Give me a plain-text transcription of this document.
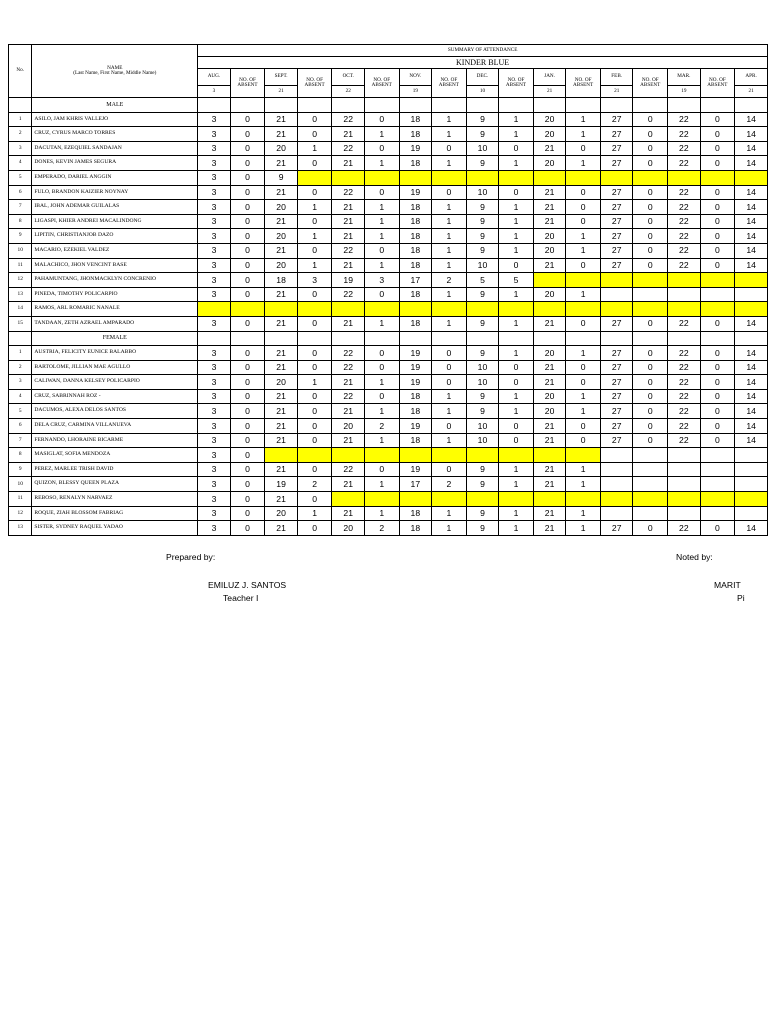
No.	NAME
(Last Name, First Name, Middle Name)	SUMMARY OF ATTENDANCE																
		KINDER BLUE																
		AUG.	NO. OF ABSENT	SEPT.	NO. OF ABSENT	OCT.	NO. OF ABSENT	NOV.	NO. OF ABSENT	DEC.	NO. OF ABSENT	JAN.	NO. OF ABSENT	FEB.	NO. OF ABSENT	MAR.	NO. OF ABSENT	APR.
		3		21		22		19		10		21		21		19		21
	MALE																	
1	ASILO, JAM KHRIS VALLEJO	3	0	21	0	22	0	18	1	9	1	20	1	27	0	22	0	14
2	CRUZ, CYRUS MARCO TORRES	3	0	21	0	21	1	18	1	9	1	20	1	27	0	22	0	14
3	DACUTAN, EZEQUIEL SANDAJAN	3	0	20	1	22	0	19	0	10	0	21	0	27	0	22	0	14
4	DONES, KEVIN JAMES SEGURA	3	0	21	0	21	1	18	1	9	1	20	1	27	0	22	0	14
5	EMPERADO, DARIEL ANGGIN	3	0	9														
6	FULO, BRANDON KAIZIER NOYNAY	3	0	21	0	22	0	19	0	10	0	21	0	27	0	22	0	14
7	IBAL, JOHN ADEMAR GUILALAS	3	0	20	1	21	1	18	1	9	1	21	0	27	0	22	0	14
8	LIGASPI, KHIER ANDREI MACALINDONG	3	0	21	0	21	1	18	1	9	1	21	0	27	0	22	0	14
9	LIPITIN, CHRISTIANJOB DAZO	3	0	20	1	21	1	18	1	9	1	20	1	27	0	22	0	14
10	MACARIO, EZEKIEL VALDEZ	3	0	21	0	22	0	18	1	9	1	20	1	27	0	22	0	14
11	MALACHICO, JHON VENCINT BASE	3	0	20	1	21	1	18	1	10	0	21	0	27	0	22	0	14
12	PAHAMUNTANG, JHONMACKLYN CONCRENIO	3	0	18	3	19	3	17	2	5	5							
13	PINEDA, TIMOTHY POLICARPIO	3	0	21	0	22	0	18	1	9	1	20	1					
14	RAMOS, ARL ROMARIC NANALE																	
15	TANDAAN, ZETH AZRAEL AMPARADO	3	0	21	0	21	1	18	1	9	1	21	0	27	0	22	0	14
	FEMALE																	
1	AUSTRIA, FELICITY EUNICE BALABBO	3	0	21	0	22	0	19	0	9	1	20	1	27	0	22	0	14
2	BARTOLOME, JILLIAN MAE AGULLO	3	0	21	0	22	0	19	0	10	0	21	0	27	0	22	0	14
3	CALIWAN, DANNA KELSEY POLICARPIO	3	0	20	1	21	1	19	0	10	0	21	0	27	0	22	0	14
4	CRUZ, SABRINNAH ROZ -	3	0	21	0	22	0	18	1	9	1	20	1	27	0	22	0	14
5	DACUMOS, ALEXA DELOS SANTOS	3	0	21	0	21	1	18	1	9	1	20	1	27	0	22	0	14
6	DELA CRUZ, CARMINA VILLANUEVA	3	0	21	0	20	2	19	0	10	0	21	0	27	0	22	0	14
7	FERNANDO, LHORAINE BICARME	3	0	21	0	21	1	18	1	10	0	21	0	27	0	22	0	14
8	MASIGLAT, SOFIA MENDOZA	3	0															
9	PEREZ, MARLEE TRISH DAVID	3	0	21	0	22	0	19	0	9	1	21	1					
10	QUIZON, BLESSY QUEEN PLAZA	3	0	19	2	21	1	17	2	9	1	21	1					
11	REBOSO, RENALYN NARVAEZ	3	0	21	0													
12	ROQUE, ZIAH BLOSSOM FABRIAG	3	0	20	1	21	1	18	1	9	1	21	1					
13	SISTER, SYDNEY RAQUEL YADAO	3	0	21	0	20	2	18	1	9	1	21	1	27	0	22	0	14
Prepared by:	Noted by:
EMILUZ J. SANTOS
Teacher I
MARIT
Pi
